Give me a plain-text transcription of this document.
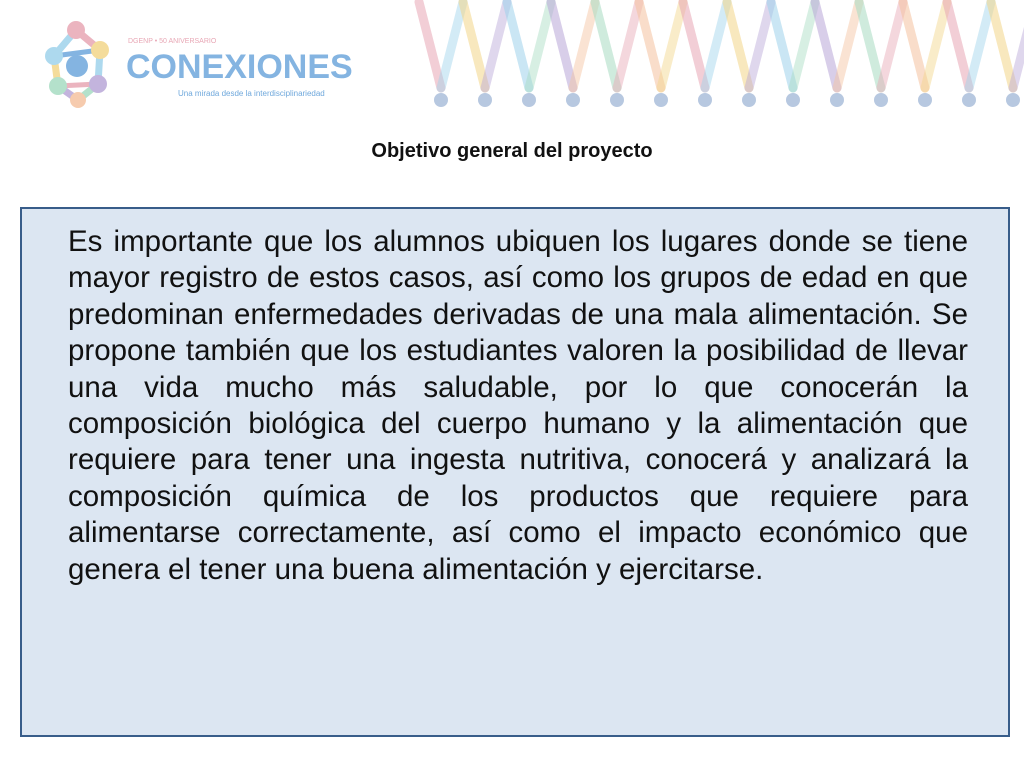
DGENP • 50 ANIVERSARIO
CONEXIONES
Una mirada desde la interdisciplinariedad
Objetivo general del proyecto

Es importante que los alumnos ubiquen los lugares donde se tiene mayor registro de estos casos, así como los grupos de edad en que predominan enfermedades derivadas de una mala alimentación. Se propone también que los estudiantes valoren la posibilidad de llevar una vida mucho más saludable, por lo que conocerán la composición biológica del cuerpo humano y la alimentación que requiere para tener una ingesta nutritiva, conocerá y analizará la composición química de los productos que requiere para alimentarse correctamente, así como el impacto económico que genera el tener una buena alimentación y ejercitarse.
